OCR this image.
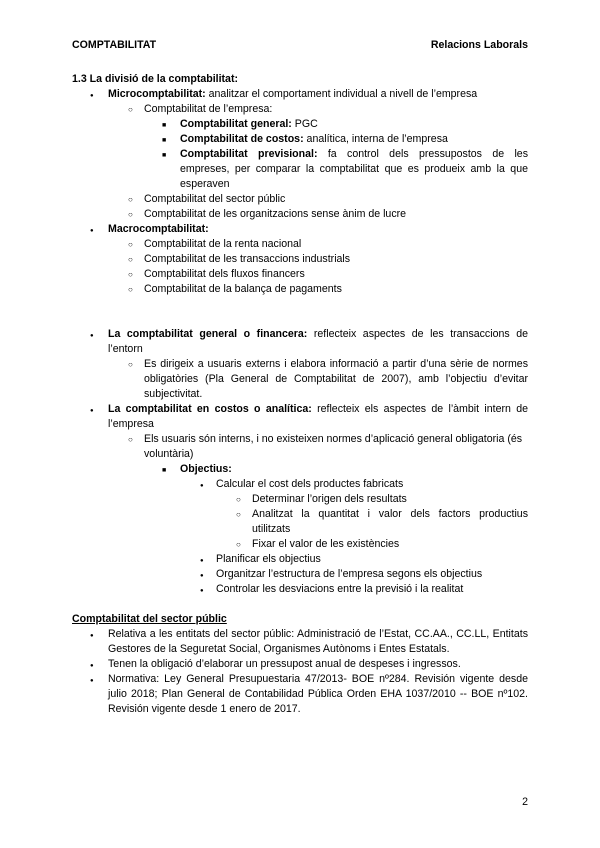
COMPTABILITAT	Relacions Laborals
1.3 La divisió de la comptabilitat:
●
Microcomptabilitat: analitzar el comportament individual a nivell de l’empresa
○
Comptabilitat de l’empresa:
■
Comptabilitat general: PGC
■
Comptabilitat de costos: analítica, interna de l’empresa
■
Comptabilitat previsional: fa control dels pressupostos de les empreses, per comparar la comptabilitat que es produeix amb la que esperaven
○
Comptabilitat del sector públic
○
Comptabilitat de les organitzacions sense ànim de lucre
●
Macrocomptabilitat:
○
Comptabilitat de la renta nacional
○
Comptabilitat de les transaccions industrials
○
Comptabilitat dels fluxos financers
○
Comptabilitat de la balança de pagaments
●
La comptabilitat general o financera: reflecteix aspectes de les transaccions de l’entorn
○
Es dirigeix a usuaris externs i elabora informació a partir d’una sèrie de normes obligatòries (Pla General de Comptabilitat de 2007), amb l’objectiu d’evitar subjectivitat.
●
La comptabilitat en costos o analítica: reflecteix els aspectes de l’àmbit intern de l’empresa
○
Els usuaris són interns, i no existeixen normes d’aplicació general obligatoria (és voluntària)
■
Objectius:
●
Calcular el cost dels productes fabricats
○
Determinar l’origen dels resultats
○
Analitzat la quantitat i valor dels factors productius utilitzats
○
Fixar el valor de les existències
●
Planificar els objectius
●
Organitzar l’estructura de l’empresa segons els objectius
●
Controlar les desviacions entre la previsió i la realitat
Comptabilitat del sector públic
●
Relativa a les entitats del sector públic: Administració de l’Estat, CC.AA., CC.LL, Entitats Gestores de la Seguretat Social, Organismes Autònoms i Entes Estatals.
●
Tenen la obligació d’elaborar un pressupost anual de despeses i ingressos.
●
Normativa: Ley General Presupuestaria 47/2013- BOE nº284. Revisión vigente desde julio 2018; Plan General de Contabilidad Pública Orden EHA 1037/2010 -- BOE nº102. Revisión vigente desde 1 enero de 2017.
2
